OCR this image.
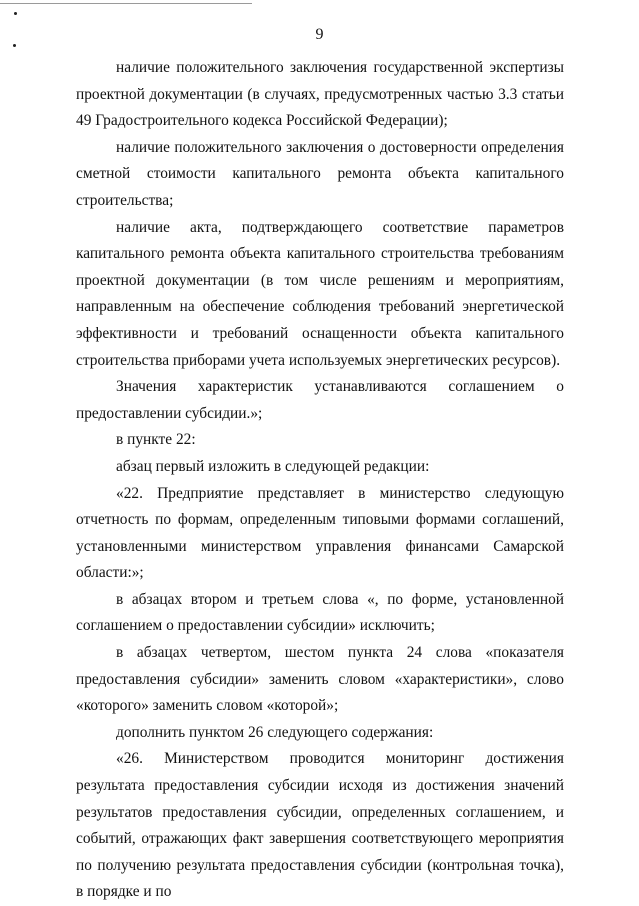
9

наличие положительного заключения государственной экспертизы проектной документации (в случаях, предусмотренных частью 3.3 статьи 49 Градостроительного кодекса Российской Федерации);

наличие положительного заключения о достоверности определения сметной стоимости капитального ремонта объекта капитального строительства;

наличие акта, подтверждающего соответствие параметров капитального ремонта объекта капитального строительства требованиям проектной документации (в том числе решениям и мероприятиям, направленным на обеспечение соблюдения требований энергетической эффективности и требований оснащенности объекта капитального строительства приборами учета используемых энергетических ресурсов).

Значения характеристик устанавливаются соглашением о предоставлении субсидии.»;

в пункте 22:

абзац первый изложить в следующей редакции:

«22. Предприятие представляет в министерство следующую отчетность по формам, определенным типовыми формами соглашений, установленными министерством управления финансами Самарской области:»;

в абзацах втором и третьем слова «, по форме, установленной соглашением о предоставлении субсидии» исключить;

в абзацах четвертом, шестом пункта 24 слова «показателя предоставления субсидии» заменить словом «характеристики», слово «которого» заменить словом «которой»;

дополнить пунктом 26 следующего содержания:

«26. Министерством проводится мониторинг достижения результата предоставления субсидии исходя из достижения значений результатов предоставления субсидии, определенных соглашением, и событий, отражающих факт завершения соответствующего мероприятия по получению результата предоставления субсидии (контрольная точка), в порядке и по
